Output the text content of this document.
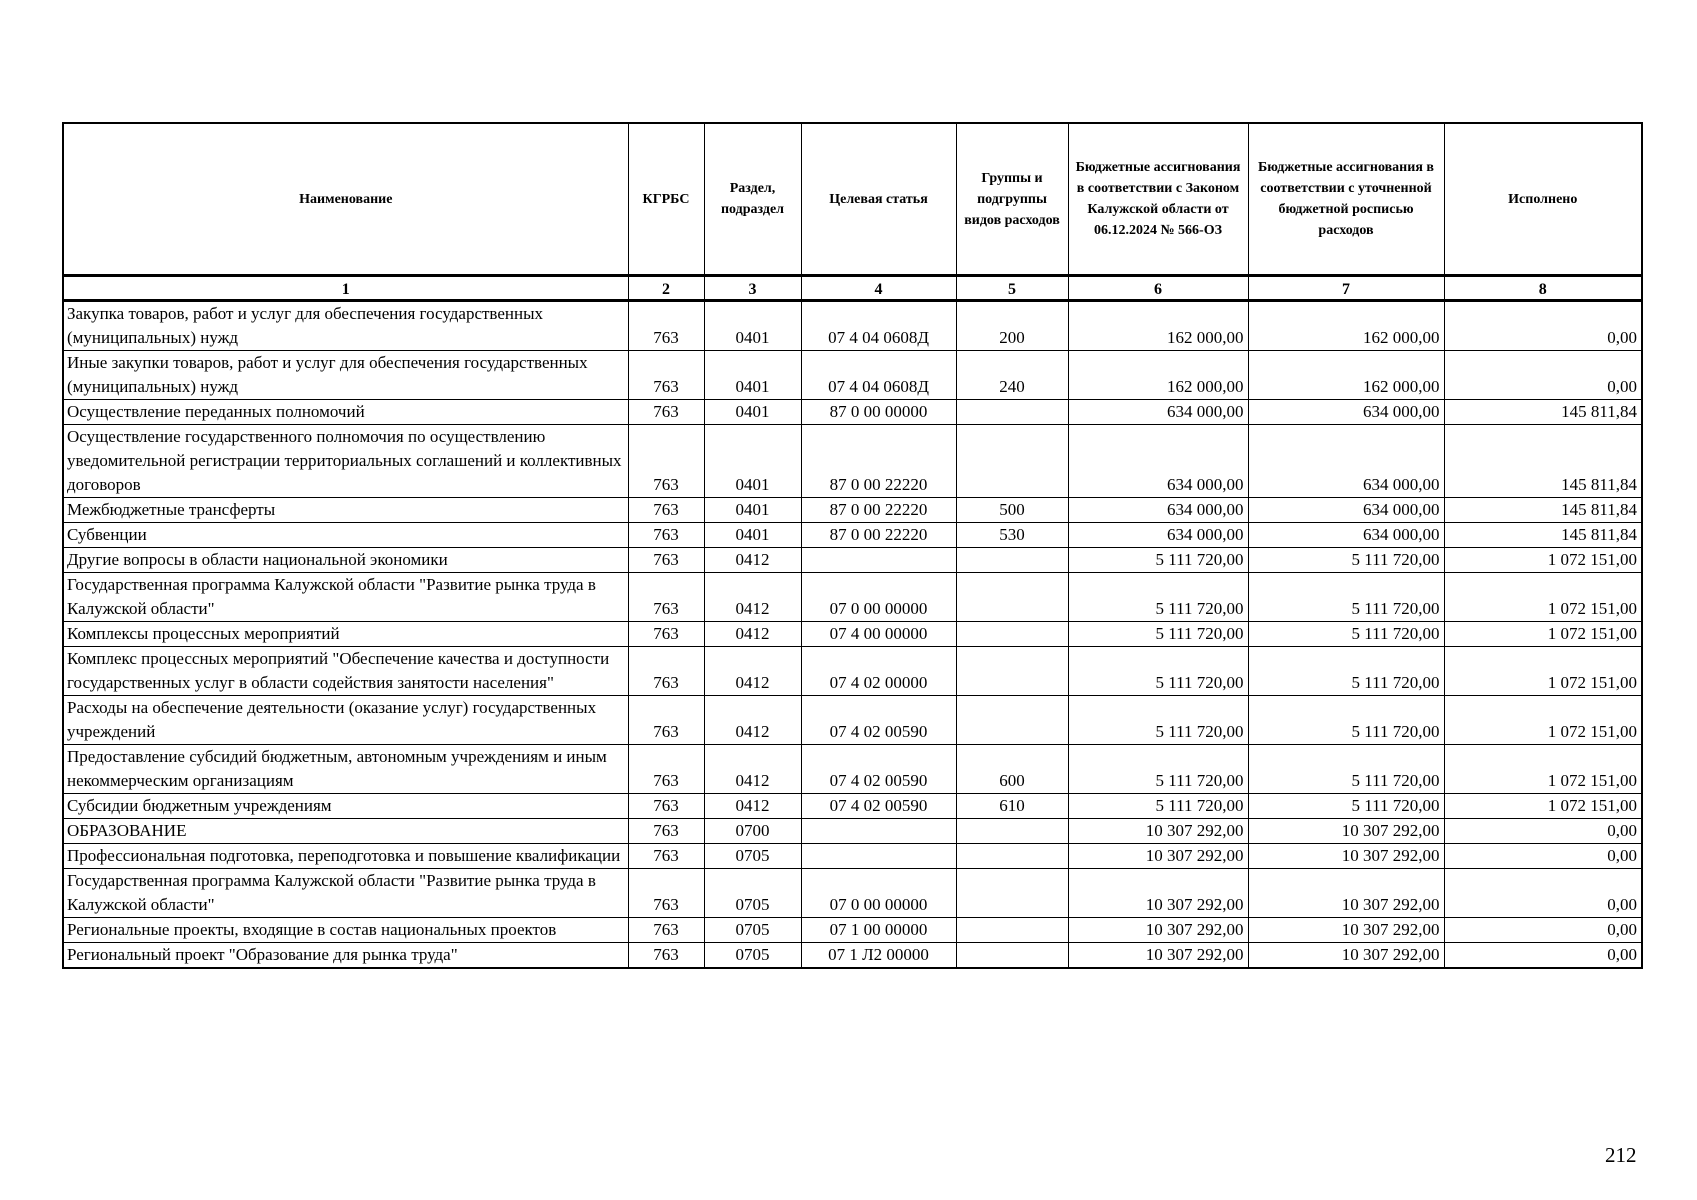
Наименование	КГРБС	Раздел, подраздел	Целевая статья	Группы и подгруппы видов расходов	Бюджетные ассигнования в соответствии с Законом Калужской области от 06.12.2024 № 566-ОЗ	Бюджетные ассигнования в соответствии с уточненной бюджетной росписью расходов	Исполнено
1	2	3	4	5	6	7	8
Закупка товаров, работ и услуг для обеспечения государственных (муниципальных) нужд	763	0401	07 4 04 0608Д	200	162 000,00	162 000,00	0,00
Иные закупки товаров, работ и услуг для обеспечения государственных (муниципальных) нужд	763	0401	07 4 04 0608Д	240	162 000,00	162 000,00	0,00
Осуществление переданных полномочий	763	0401	87 0 00 00000		634 000,00	634 000,00	145 811,84
Осуществление государственного полномочия по осуществлению уведомительной регистрации территориальных соглашений и коллективных договоров	763	0401	87 0 00 22220		634 000,00	634 000,00	145 811,84
Межбюджетные трансферты	763	0401	87 0 00 22220	500	634 000,00	634 000,00	145 811,84
Субвенции	763	0401	87 0 00 22220	530	634 000,00	634 000,00	145 811,84
Другие вопросы в области национальной экономики	763	0412			5 111 720,00	5 111 720,00	1 072 151,00
Государственная программа Калужской области "Развитие рынка труда в Калужской области"	763	0412	07 0 00 00000		5 111 720,00	5 111 720,00	1 072 151,00
Комплексы процессных мероприятий	763	0412	07 4 00 00000		5 111 720,00	5 111 720,00	1 072 151,00
Комплекс процессных мероприятий "Обеспечение качества и доступности государственных услуг в области содействия занятости населения"	763	0412	07 4 02 00000		5 111 720,00	5 111 720,00	1 072 151,00
Расходы на обеспечение деятельности (оказание услуг) государственных учреждений	763	0412	07 4 02 00590		5 111 720,00	5 111 720,00	1 072 151,00
Предоставление субсидий бюджетным, автономным учреждениям и иным некоммерческим организациям	763	0412	07 4 02 00590	600	5 111 720,00	5 111 720,00	1 072 151,00
Субсидии бюджетным учреждениям	763	0412	07 4 02 00590	610	5 111 720,00	5 111 720,00	1 072 151,00
ОБРАЗОВАНИЕ	763	0700			10 307 292,00	10 307 292,00	0,00
Профессиональная подготовка, переподготовка и повышение квалификации	763	0705			10 307 292,00	10 307 292,00	0,00
Государственная программа Калужской области "Развитие рынка труда в Калужской области"	763	0705	07 0 00 00000		10 307 292,00	10 307 292,00	0,00
Региональные проекты, входящие в состав национальных проектов	763	0705	07 1 00 00000		10 307 292,00	10 307 292,00	0,00
Региональный проект "Образование для рынка труда"	763	0705	07 1 Л2 00000		10 307 292,00	10 307 292,00	0,00
212
